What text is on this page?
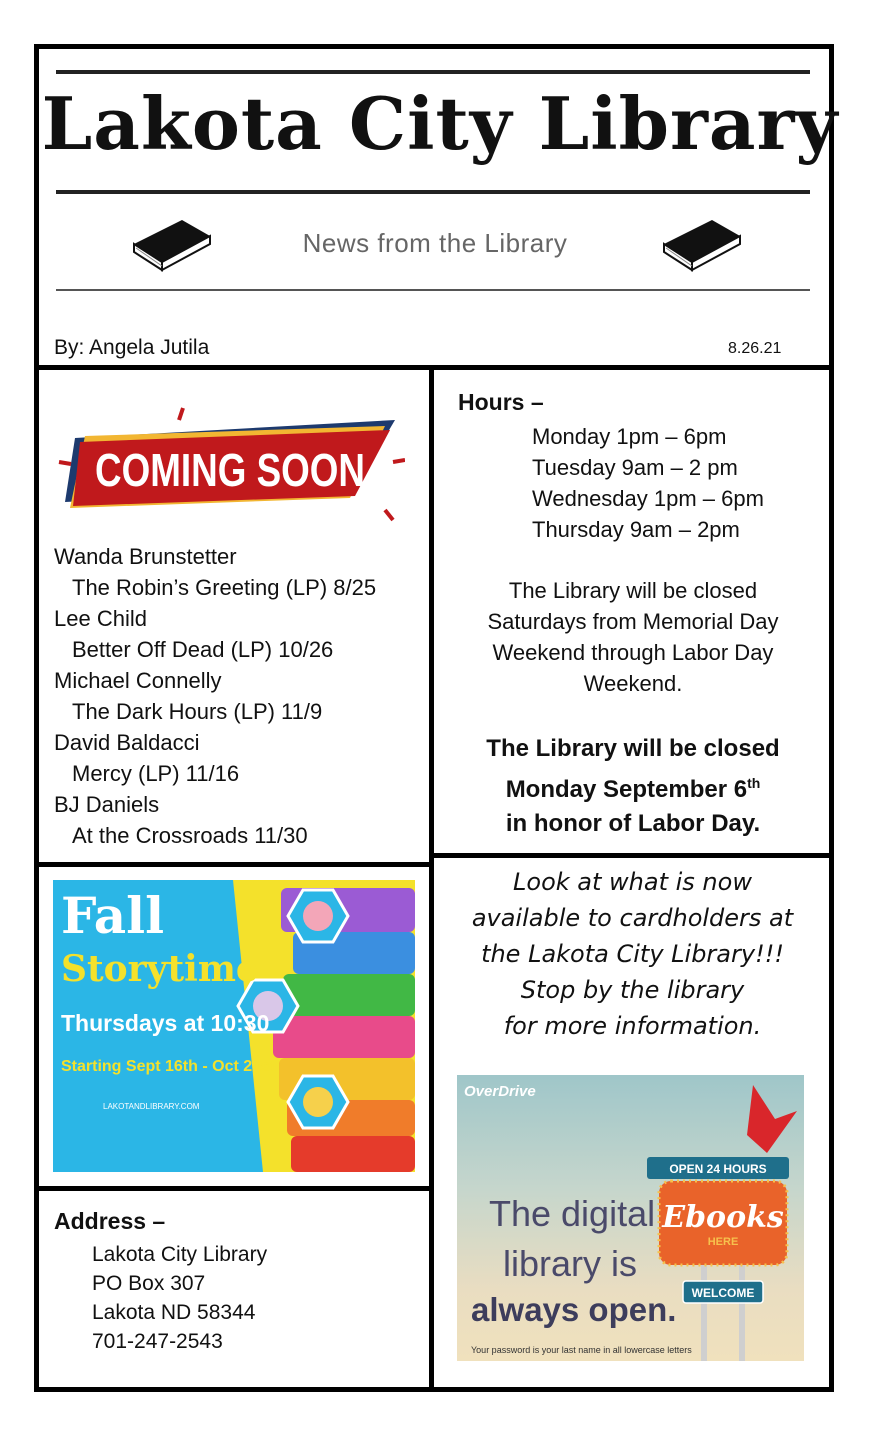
Lakota City Library
News from the Library
By: Angela Jutila	8.26.21
COMING SOON
Wanda Brunstetter
The Robin’s Greeting (LP) 8/25
Lee Child
Better Off Dead (LP) 10/26
Michael Connelly
The Dark Hours (LP) 11/9
David Baldacci
Mercy (LP) 11/16
BJ Daniels
At the Crossroads 11/30
Hours –
Monday 1pm – 6pm
Tuesday 9am – 2 pm
Wednesday 1pm – 6pm
Thursday 9am – 2pm
The Library will be closed
Saturdays from Memorial Day
Weekend through Labor Day
Weekend.
The Library will be closed
Monday September 6th
in honor of Labor Day.
Fall
Storytime
Thursdays at 10:30
Starting Sept 16th - Oct 21st
LAKOTANDLIBRARY.COM
Address –
Lakota City Library
PO Box 307
Lakota ND 58344
701-247-2543
Look at what is now
available to cardholders at
the Lakota City Library!!!
Stop by the library
for more information.
OverDrive
OPEN 24 HOURS
Ebooks
HERE
WELCOME
The digital
library is
always open.
Your password is your last name in all lowercase letters
